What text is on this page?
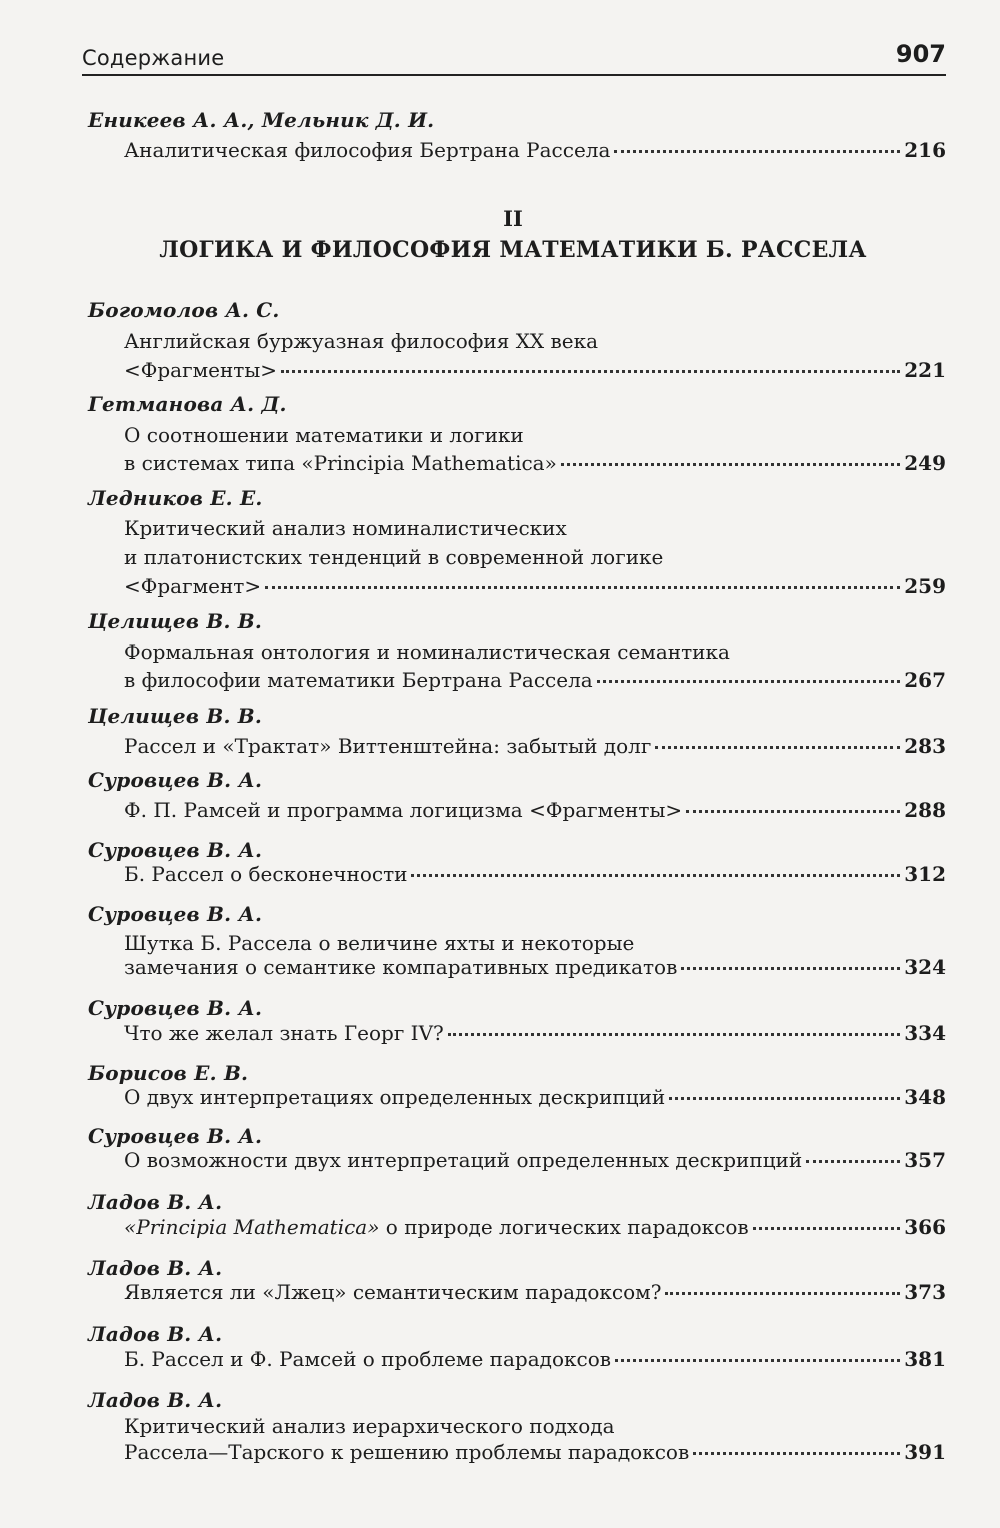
Содержание	907
Еникеев А. А., Мельник Д. И.
Аналитическая философия Бертрана Рассела	216
II
ЛОГИКА И ФИЛОСОФИЯ МАТЕМАТИКИ Б. РАССЕЛА
Богомолов А. С.
Английская буржуазная философия XX века
<Фрагменты>	221
Гетманова А. Д.
О соотношении математики и логики
в системах типа «Principia Mathematica»	249
Ледников Е. Е.
Критический анализ номиналистических
и платонистских тенденций в современной логике
<Фрагмент>	259
Целищев В. В.
Формальная онтология и номиналистическая семантика
в философии математики Бертрана Рассела	267
Целищев В. В.
Рассел и «Трактат» Виттенштейна: забытый долг	283
Суровцев В. А.
Ф. П. Рамсей и программа логицизма <Фрагменты>	288
Суровцев В. А.
Б. Рассел о бесконечности	312
Суровцев В. А.
Шутка Б. Рассела о величине яхты и некоторые
замечания о семантике компаративных предикатов	324
Суровцев В. А.
Что же желал знать Георг IV?	334
Борисов Е. В.
О двух интерпретациях определенных дескрипций	348
Суровцев В. А.
О возможности двух интерпретаций определенных дескрипций	357
Ладов В. А.
«Principia Mathematica» о природе логических парадоксов	366
Ладов В. А.
Является ли «Лжец» семантическим парадоксом?	373
Ладов В. А.
Б. Рассел и Ф. Рамсей о проблеме парадоксов	381
Ладов В. А.
Критический анализ иерархического подхода
Рассела—Тарского к решению проблемы парадоксов	391
